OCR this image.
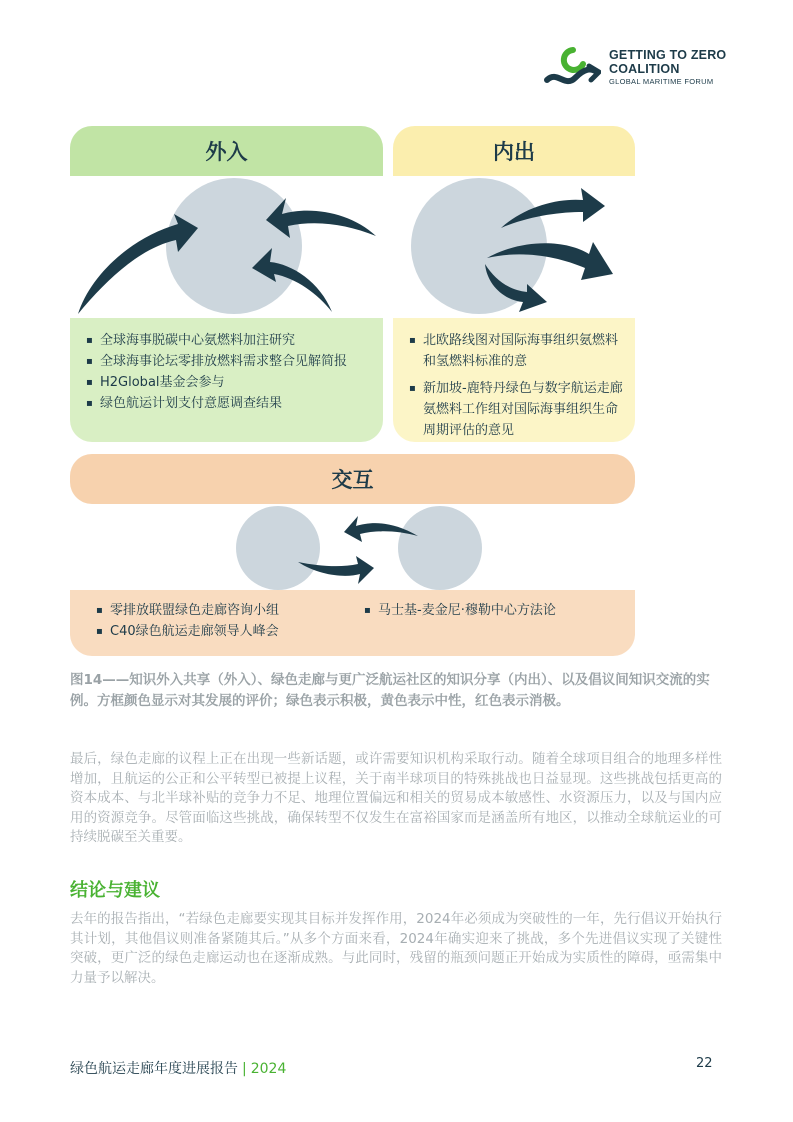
GETTING TO ZERO
COALITION
GLOBAL MARITIME FORUM
外入
▪ 全球海事脱碳中心氨燃料加注研究
▪ 全球海事论坛零排放燃料需求整合见解简报
▪ H2Global基金会参与
▪ 绿色航运计划支付意愿调查结果
内出
▪ 北欧路线图对国际海事组织氨燃料和氢燃料标准的意
▪ 新加坡-鹿特丹绿色与数字航运走廊氨燃料工作组对国际海事组织生命周期评估的意见
交互
▪ 零排放联盟绿色走廊咨询小组
▪ C40绿色航运走廊领导人峰会
▪ 马士基-麦金尼·穆勒中心方法论
图14——知识外入共享（外入）、绿色走廊与更广泛航运社区的知识分享（内出）、以及倡议间知识交流的实例。方框颜色显示对其发展的评价；绿色表示积极，黄色表示中性，红色表示消极。
最后，绿色走廊的议程上正在出现一些新话题，或许需要知识机构采取行动。随着全球项目组合的地理多样性增加，且航运的公正和公平转型已被提上议程，关于南半球项目的特殊挑战也日益显现。这些挑战包括更高的资本成本、与北半球补贴的竞争力不足、地理位置偏远和相关的贸易成本敏感性、水资源压力，以及与国内应用的资源竞争。尽管面临这些挑战，确保转型不仅发生在富裕国家而是涵盖所有地区，以推动全球航运业的可持续脱碳至关重要。
结论与建议
去年的报告指出，“若绿色走廊要实现其目标并发挥作用，2024年必须成为突破性的一年，先行倡议开始执行其计划，其他倡议则准备紧随其后。”从多个方面来看，2024年确实迎来了挑战，多个先进倡议实现了关键性突破，更广泛的绿色走廊运动也在逐渐成熟。与此同时，残留的瓶颈问题正开始成为实质性的障碍，亟需集中力量予以解决。
绿色航运走廊年度进展报告 | 2024	22
